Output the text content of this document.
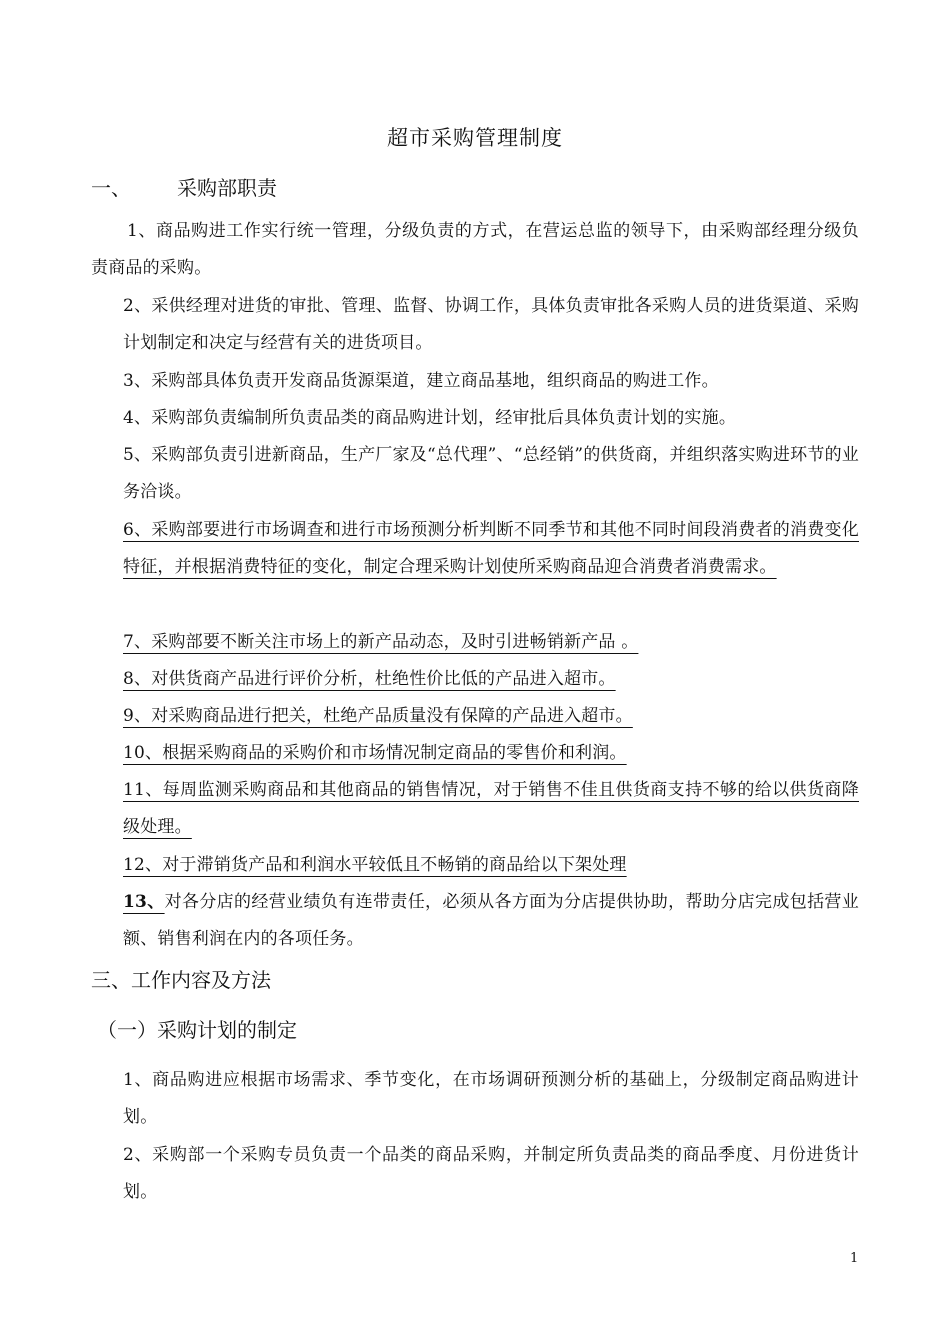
超市采购管理制度
一、 采购部职责
1、商品购进工作实行统一管理，分级负责的方式，在营运总监的领导下，由采购部经理分级负责商品的采购。
2、采供经理对进货的审批、管理、监督、协调工作，具体负责审批各采购人员的进货渠道、采购计划制定和决定与经营有关的进货项目。
3、采购部具体负责开发商品货源渠道，建立商品基地，组织商品的购进工作。
4、采购部负责编制所负责品类的商品购进计划，经审批后具体负责计划的实施。
5、采购部负责引进新商品，生产厂家及“总代理”、“总经销”的供货商，并组织落实购进环节的业务洽谈。
6、采购部要进行市场调查和进行市场预测分析判断不同季节和其他不同时间段消费者的消费变化特征，并根据消费特征的变化，制定合理采购计划使所采购商品迎合消费者消费需求。
7、采购部要不断关注市场上的新产品动态，及时引进畅销新产品 。
8、对供货商产品进行评价分析，杜绝性价比低的产品进入超市。
9、对采购商品进行把关，杜绝产品质量没有保障的产品进入超市。
10、根据采购商品的采购价和市场情况制定商品的零售价和利润。
11、每周监测采购商品和其他商品的销售情况，对于销售不佳且供货商支持不够的给以供货商降级处理。
12、对于滞销货产品和利润水平较低且不畅销的商品给以下架处理
13、对各分店的经营业绩负有连带责任，必须从各方面为分店提供协助，帮助分店完成包括营业额、销售利润在内的各项任务。
三、工作内容及方法
（一）采购计划的制定
1、商品购进应根据市场需求、季节变化，在市场调研预测分析的基础上，分级制定商品购进计划。
2、采购部一个采购专员负责一个品类的商品采购，并制定所负责品类的商品季度、月份进货计划。
1
